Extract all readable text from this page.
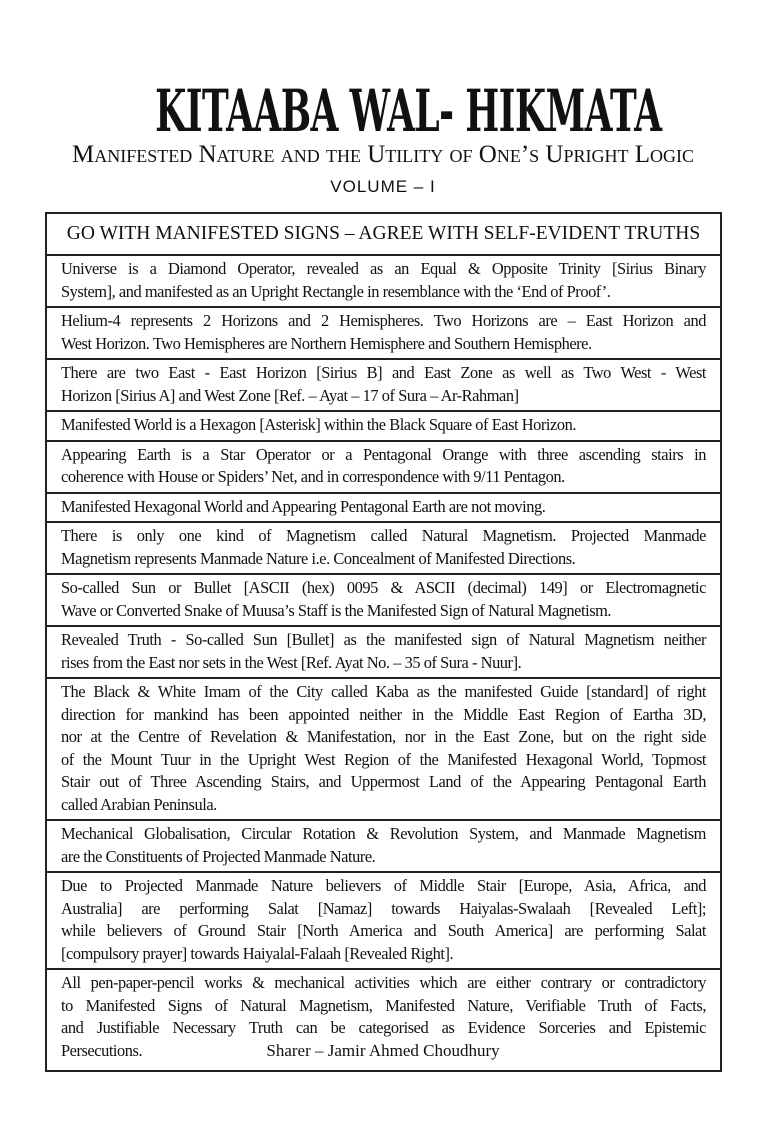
KITAABA WAL- HIKMATA
Manifested Nature and the Utility of One’s Upright Logic
VOLUME – I
GO WITH MANIFESTED SIGNS – AGREE WITH SELF-EVIDENT TRUTHS
Universe is a Diamond Operator, revealed as an Equal & Opposite Trinity [Sirius Binary
System], and manifested as an Upright Rectangle in resemblance with the ‘End of Proof’.
Helium-4 represents 2 Horizons and 2 Hemispheres. Two Horizons are – East Horizon and
West Horizon. Two Hemispheres are Northern Hemisphere and Southern Hemisphere.
There are two East - East Horizon [Sirius B] and East Zone as well as Two West - West
Horizon [Sirius A] and West Zone [Ref. – Ayat – 17 of Sura – Ar-Rahman]
Manifested World is a Hexagon [Asterisk] within the Black Square of East Horizon.
Appearing Earth is a Star Operator or a Pentagonal Orange with three ascending stairs in
coherence with House or Spiders’ Net, and in correspondence with 9/11 Pentagon.
Manifested Hexagonal World and Appearing Pentagonal Earth are not moving.
There is only one kind of Magnetism called Natural Magnetism. Projected Manmade
Magnetism represents Manmade Nature i.e. Concealment of Manifested Directions.
So-called Sun or Bullet [ASCII (hex) 0095 & ASCII (decimal) 149] or Electromagnetic
Wave or Converted Snake of Muusa’s Staff is the Manifested Sign of Natural Magnetism.
Revealed Truth - So-called Sun [Bullet] as the manifested sign of Natural Magnetism neither
rises from the East nor sets in the West [Ref. Ayat No. – 35 of Sura - Nuur].
The Black & White Imam of the City called Kaba as the manifested Guide [standard] of right
direction for mankind has been appointed neither in the Middle East Region of Eartha 3D,
nor at the Centre of Revelation & Manifestation, nor in the East Zone, but on the right side
of the Mount Tuur in the Upright West Region of the Manifested Hexagonal World, Topmost
Stair out of Three Ascending Stairs, and Uppermost Land of the Appearing Pentagonal Earth
called Arabian Peninsula.
Mechanical Globalisation, Circular Rotation & Revolution System, and Manmade Magnetism
are the Constituents of Projected Manmade Nature.
Due to Projected Manmade Nature believers of Middle Stair [Europe, Asia, Africa, and
Australia] are performing Salat [Namaz] towards Haiyalas-Swalaah [Revealed Left];
while believers of Ground Stair [North America and South America] are performing Salat
[compulsory prayer] towards Haiyalal-Falaah [Revealed Right].
All pen-paper-pencil works & mechanical activities which are either contrary or contradictory
to Manifested Signs of Natural Magnetism, Manifested Nature, Verifiable Truth of Facts,
and Justifiable Necessary Truth can be categorised as Evidence Sorceries and Epistemic
Persecutions.	Sharer – Jamir Ahmed Choudhury
